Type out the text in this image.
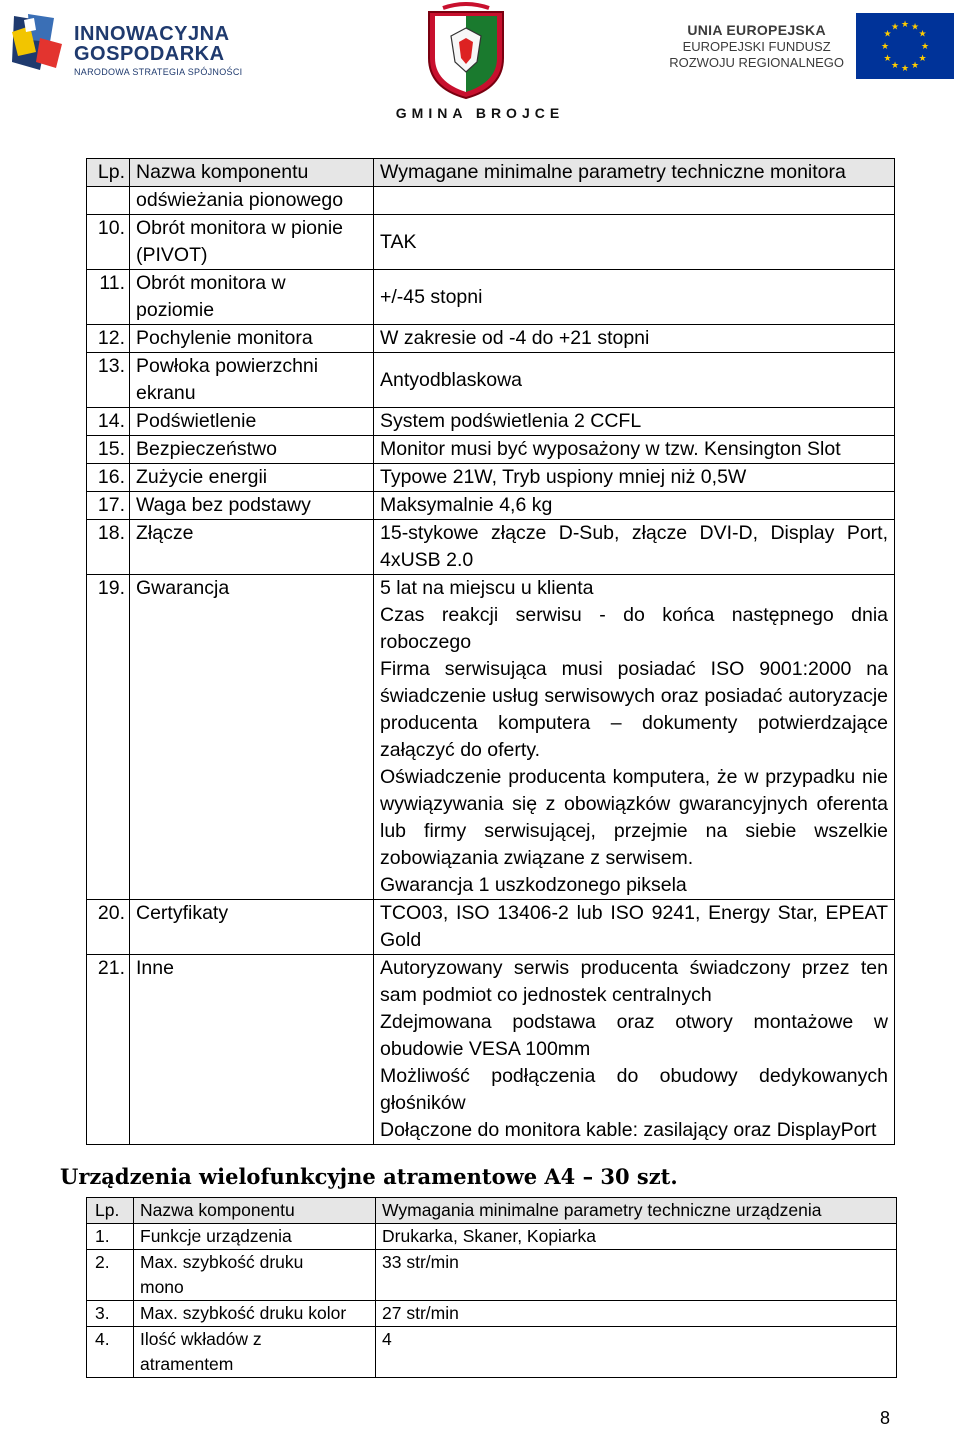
INNOWACYJNA
GOSPODARKA
NARODOWA STRATEGIA SPÓJNOŚCI
GMINA BROJCE
UNIA EUROPEJSKA
EUROPEJSKI FUNDUSZ
ROZWOJU REGIONALNEGO
★ ★
★
★
★
★
★
★
★
★
★
★
Lp.	Nazwa komponentu	Wymagane minimalne parametry techniczne monitora
	odświeżania pionowego	
10.	Obrót monitora w pionie (PIVOT)	TAK
11.	Obrót monitora w poziomie	+/-45 stopni
12.	Pochylenie monitora	W zakresie od -4 do +21 stopni
13.	Powłoka powierzchni ekranu	Antyodblaskowa
14.	Podświetlenie	System podświetlenia 2 CCFL
15.	Bezpieczeństwo	Monitor musi być wyposażony w tzw. Kensington Slot
16.	Zużycie energii	Typowe 21W, Tryb uspiony mniej niż 0,5W
17.	Waga bez podstawy	Maksymalnie 4,6 kg
18.	Złącze	15-stykowe złącze D-Sub, złącze DVI-D, Display Port, 4xUSB 2.0
19.	Gwarancja	5 lat na miejscu u klienta
Czas reakcji serwisu - do końca następnego dnia roboczego
Firma serwisująca musi posiadać ISO 9001:2000 na świadczenie usług serwisowych oraz posiadać autoryzacje producenta komputera – dokumenty potwierdzające załączyć do oferty.
Oświadczenie producenta komputera, że w przypadku nie wywiązywania się z obowiązków gwarancyjnych oferenta lub firmy serwisującej, przejmie na siebie wszelkie zobowiązania związane z serwisem.
Gwarancja 1 uszkodzonego piksela

20.	Certyfikaty	TCO03, ISO 13406-2 lub ISO 9241, Energy Star, EPEAT Gold
21.	Inne	Autoryzowany serwis producenta świadczony przez ten sam podmiot co jednostek centralnych
Zdejmowana podstawa oraz otwory montażowe w obudowie VESA 100mm
Możliwość podłączenia do obudowy dedykowanych głośników
Dołączone do monitora kable: zasilający oraz DisplayPort
Urządzenia wielofunkcyjne atramentowe A4 – 30 szt.
Lp.	Nazwa komponentu	Wymagania minimalne parametry techniczne urządzenia
1.	Funkcje urządzenia	Drukarka, Skaner, Kopiarka
2.	Max. szybkość druku mono	33 str/min
3.	Max. szybkość druku kolor	27 str/min
4.	Ilość wkładów z atramentem	4
8
